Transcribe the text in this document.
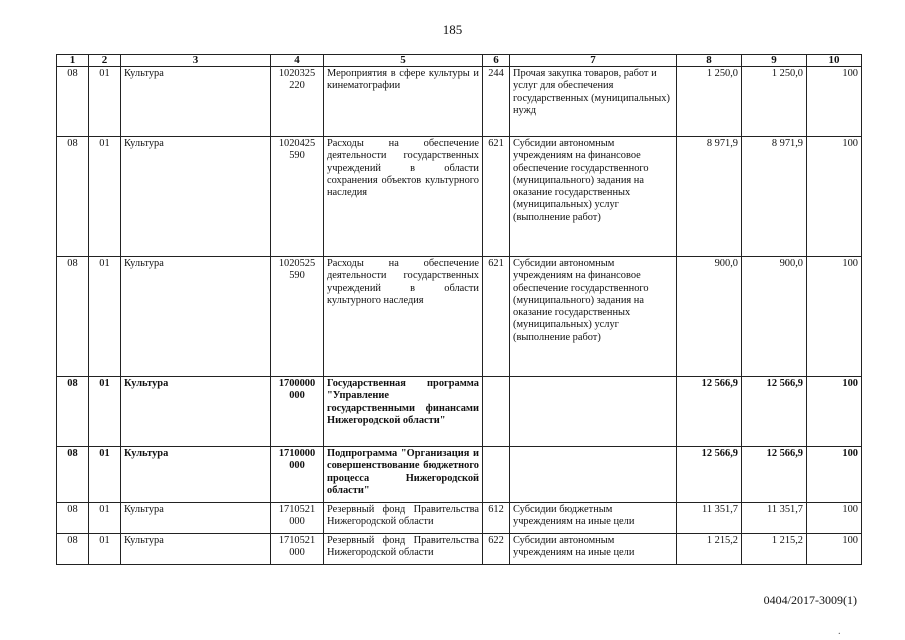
185
1	2	3	4	5	6	7	8	9	10
08	01	Культура	1020325 220	Мероприятия в сфере культуры и кинематографии	244	Прочая закупка товаров, работ и услуг для обеспечения государственных (муниципальных) нужд	1 250,0	1 250,0	100
08	01	Культура	1020425 590	Расходы на обеспечение деятельности государственных учреждений в области сохранения объектов культурного наследия	621	Субсидии автономным учреждениям на финансовое обеспечение государственного (муниципального) задания на оказание государственных (муниципальных) услуг (выполнение работ)	8 971,9	8 971,9	100
08	01	Культура	1020525 590	Расходы на обеспечение деятельности государственных учреждений в области культурного наследия	621	Субсидии автономным учреждениям на финансовое обеспечение государственного (муниципального) задания на оказание государственных (муниципальных) услуг (выполнение работ)	900,0	900,0	100
08	01	Культура	1700000 000	Государственная программа "Управление государственными финансами Нижегородской области"			12 566,9	12 566,9	100
08	01	Культура	1710000 000	Подпрограмма "Организация и совершенствование бюджетного процесса Нижегородской области"			12 566,9	12 566,9	100
08	01	Культура	1710521 000	Резервный фонд Правительства Нижегородской области	612	Субсидии бюджетным учреждениям на иные цели	11 351,7	11 351,7	100
08	01	Культура	1710521 000	Резервный фонд Правительства Нижегородской области	622	Субсидии автономным учреждениям на иные цели	1 215,2	1 215,2	100
0404/2017-3009(1)
·
